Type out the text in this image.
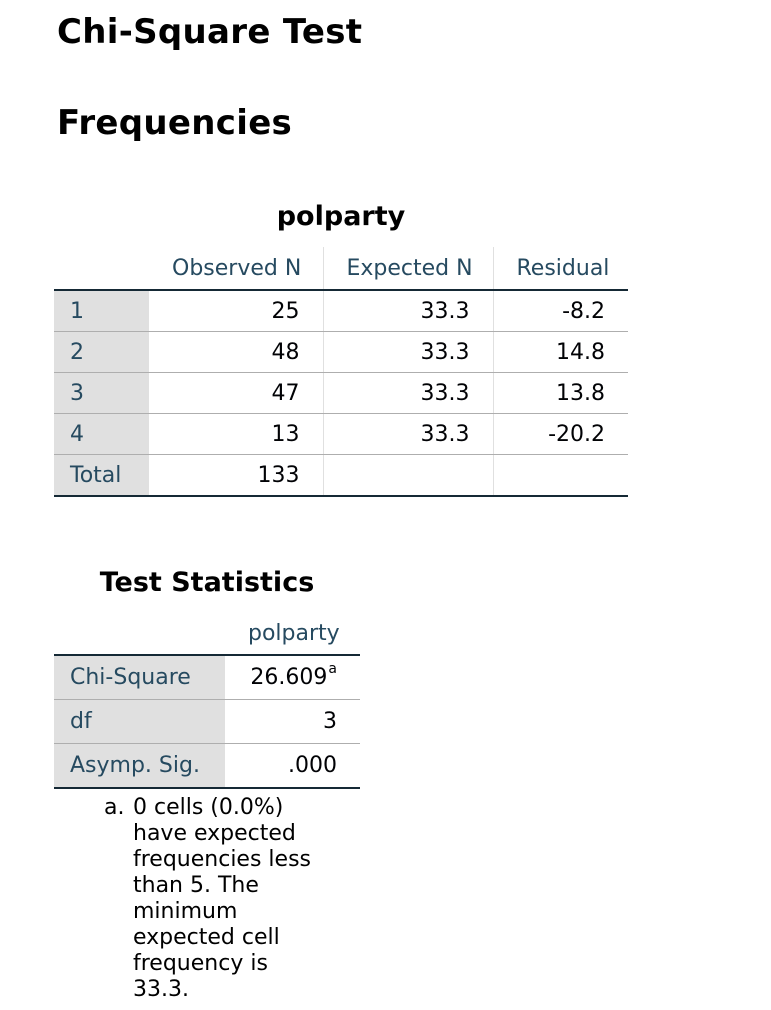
Chi-Square Test
Frequencies
polparty
	Observed N	Expected N	Residual
1	25	33.3	-8.2
2	48	33.3	14.8
3	47	33.3	13.8
4	13	33.3	-20.2
Total	133		
Test Statistics
	polparty
Chi-Square	26.609$^a$
df	3
Asymp. Sig.	.000
a. 0 cells (0.0%) have expected frequencies less than 5. The minimum expected cell frequency is 33.3.
